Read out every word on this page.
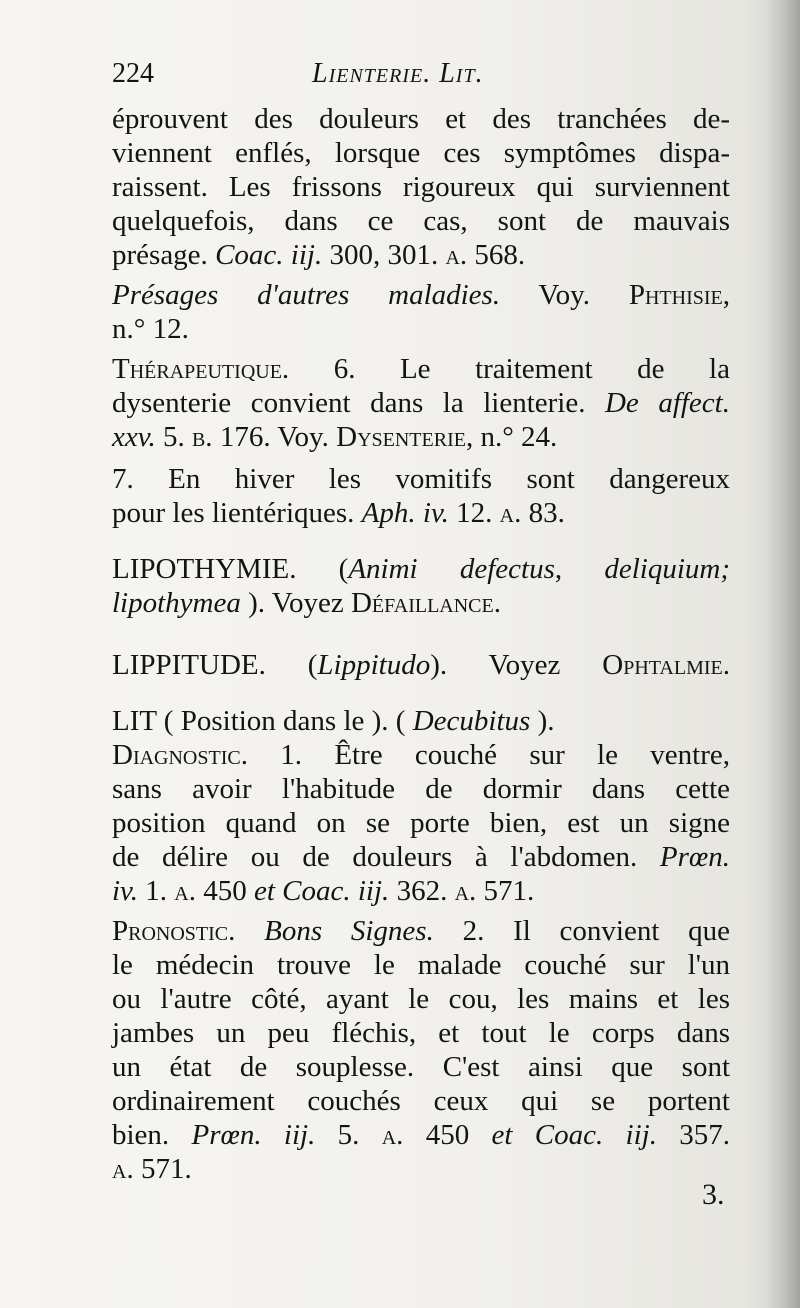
224	Lienterie. Lit.
éprouvent des douleurs et des tranchées de-
viennent enflés, lorsque ces symptômes dispa-
raissent. Les frissons rigoureux qui surviennent
quelquefois, dans ce cas, sont de mauvais
présage. Coac. iij. 300, 301. a. 568.
Présages d'autres maladies. Voy. Phthisie,
n.° 12.
Thérapeutique. 6. Le traitement de la
dysenterie convient dans la lienterie. De affect.
xxv. 5. b. 176. Voy. Dysenterie, n.° 24.
7. En hiver les vomitifs sont dangereux
pour les lientériques. Aph. iv. 12. a. 83.
LIPOTHYMIE. (Animi defectus, deliquium;
lipothymea ). Voyez Défaillance.
LIPPITUDE. (Lippitudo). Voyez Ophtalmie.
LIT ( Position dans le ). ( Decubitus ).
Diagnostic. 1. Être couché sur le ventre,
sans avoir l'habitude de dormir dans cette
position quand on se porte bien, est un signe
de délire ou de douleurs à l'abdomen. Prœn.
iv. 1. a. 450 et Coac. iij. 362. a. 571.
Pronostic. Bons Signes. 2. Il convient que
le médecin trouve le malade couché sur l'un
ou l'autre côté, ayant le cou, les mains et les
jambes un peu fléchis, et tout le corps dans
un état de souplesse. C'est ainsi que sont
ordinairement couchés ceux qui se portent
bien. Prœn. iij. 5. a. 450 et Coac. iij. 357.
a. 571.
3.
